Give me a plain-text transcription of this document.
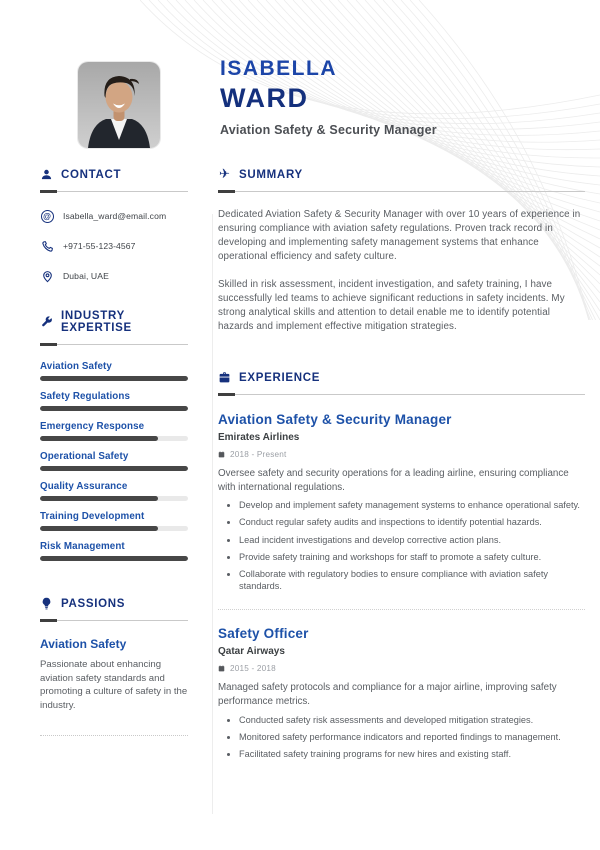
ISABELLA
WARD
Aviation Safety & Security Manager
CONTACT
@	Isabella_ward@email.com
+971-55-123-4567
Dubai, UAE
INDUSTRY EXPERTISE
Aviation Safety
Safety Regulations
Emergency Response
Operational Safety
Quality Assurance
Training Development
Risk Management
PASSIONS
Aviation Safety
Passionate about enhancing aviation safety standards and promoting a culture of safety in the industry.
✈ SUMMARY

Dedicated Aviation Safety & Security Manager with over 10 years of experience in ensuring compliance with aviation safety regulations. Proven track record in developing and implementing safety management systems that enhance operational efficiency and safety culture.

Skilled in risk assessment, incident investigation, and safety training, I have successfully led teams to achieve significant reductions in safety incidents. My strong analytical skills and attention to detail enable me to identify potential hazards and implement effective mitigation strategies.

EXPERIENCE
Aviation Safety & Security Manager
Emirates Airlines
2018 - Present
Oversee safety and security operations for a leading airline, ensuring compliance with international regulations.
• Develop and implement safety management systems to enhance operational safety.
• Conduct regular safety audits and inspections to identify potential hazards.
• Lead incident investigations and develop corrective action plans.
• Provide safety training and workshops for staff to promote a safety culture.
• Collaborate with regulatory bodies to ensure compliance with aviation safety standards.
Safety Officer
Qatar Airways
2015 - 2018
Managed safety protocols and compliance for a major airline, improving safety performance metrics.
• Conducted safety risk assessments and developed mitigation strategies.
• Monitored safety performance indicators and reported findings to management.
• Facilitated safety training programs for new hires and existing staff.
